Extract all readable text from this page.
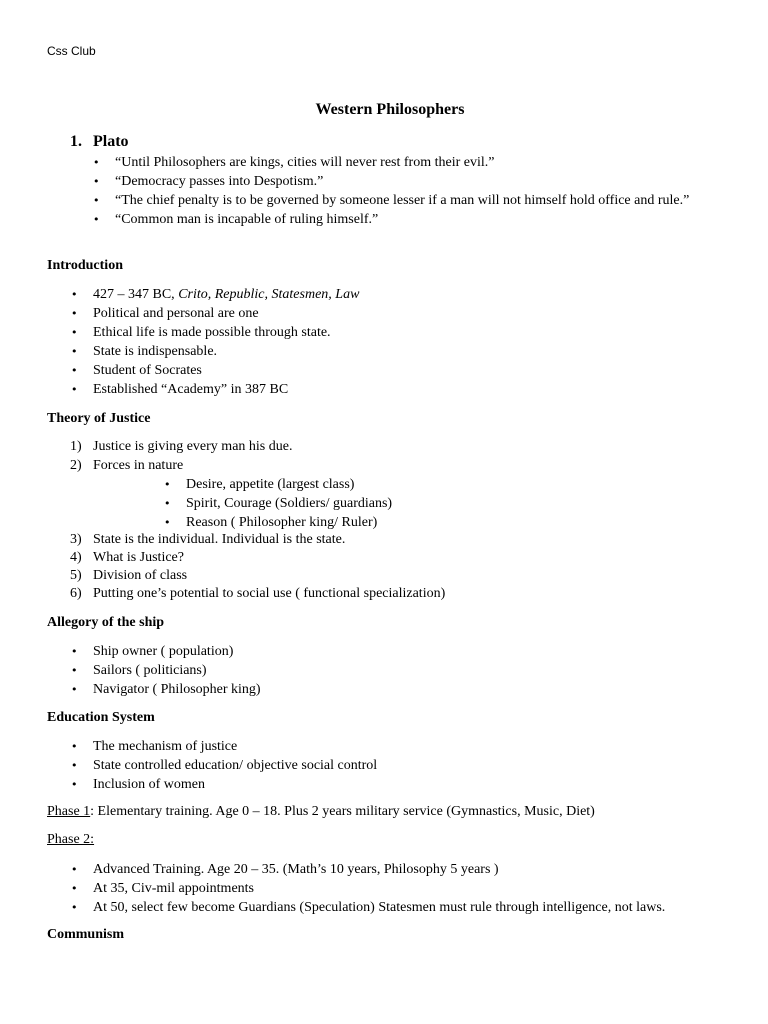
Css Club
Western Philosophers
1. Plato
• “Until Philosophers are kings, cities will never rest from their evil.”
• “Democracy passes into Despotism.”
• “The chief penalty is to be governed by someone lesser if a man will not himself hold office and rule.”
• “Common man is incapable of ruling himself.”
Introduction
• 427 – 347 BC, Crito, Republic, Statesmen, Law
• Political and personal are one
• Ethical life is made possible through state.
• State is indispensable.
• Student of Socrates
• Established “Academy” in 387 BC
Theory of Justice
1) Justice is giving every man his due.
2) Forces in nature
• Desire, appetite (largest class)
• Spirit, Courage (Soldiers/ guardians)
• Reason ( Philosopher king/ Ruler)
3) State is the individual. Individual is the state.
4) What is Justice?
5) Division of class
6) Putting one’s potential to social use ( functional specialization)
Allegory of the ship
• Ship owner ( population)
• Sailors ( politicians)
• Navigator ( Philosopher king)
Education System
• The mechanism of justice
• State controlled education/ objective social control
• Inclusion of women
Phase 1: Elementary training. Age 0 – 18. Plus 2 years military service (Gymnastics, Music, Diet)
Phase 2:
• Advanced Training. Age 20 – 35. (Math’s 10 years, Philosophy 5 years )
• At 35, Civ-mil appointments
• At 50, select few become Guardians (Speculation) Statesmen must rule through intelligence, not laws.
Communism
